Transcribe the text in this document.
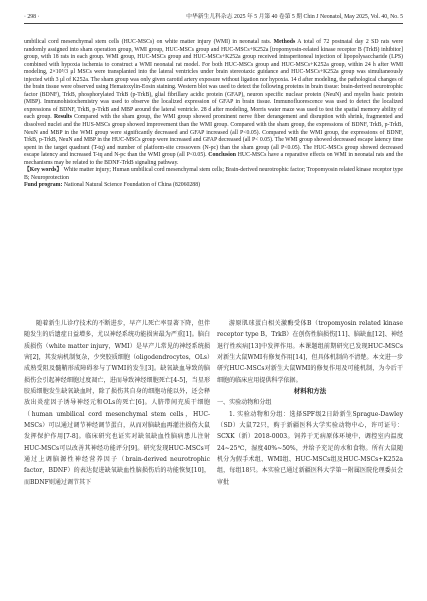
· 298 ·	中华新生儿科杂志 2025 年 5 月第 40 卷第 5 期 Chin J Neonatol, May 2025, Vol. 40, No. 5

umbilical cord mesenchymal stem cells (HUC-MSCs) on white matter injury (WMI) in neonatal rats. Methods A total of 72 postnatal day 2 SD rats were randomly assigned into sham operation group, WMI group, HUC-MSCs group and HUC-MSCs+K252a [tropomyosin-related kinase receptor B (TrkB) inhibitor] group, with 18 rats in each group. WMI group, HUC-MSCs group and HUC-MSCs+K252a group received intraperitoneal injection of lipopolysaccharide (LPS) combined with hypoxia ischemia to construct a WMI neonatal rat model. For both HUC-MSCs group and HUC-MSCs+K252a group, within 24 h after WMI modeling, 2×10⁵/3 μl MSCs were transplanted into the lateral ventricles under brain stereotaxic guidance and HUC-MSCs+K252a group was simultaneously injected with 3 μl of K252a. The sham group was only given carotid artery exposure without ligation nor hypoxia. 14 d after modeling, the pathological changes of the brain tissue were observed using Hematoxylin-Eosin staining. Western blot was used to detect the following proteins in brain tissue: brain-derived neurotrophic factor (BDNF), TrkB, phosphorylated TrkB (p-TrkB), glial fibrillary acidic protein (GFAP), neuron specific nuclear protein (NeuN) and myelin basic protein (MBP). Immunohistochemistry was used to observe the localized expression of GFAP in brain tissue. Immunofluorescence was used to detect the localized expressions of BDNF, TrkB, p-TrkB and MBP around the lateral ventricle. 28 d after modeling, Morris water maze was used to test the spatial memory ability of each group. Results Compared with the sham group, the WMI group showed prominent nerve fiber derangement and disruption with shrink, fragmented and dissolved nuclei and the HUS-MSCs group showed improvement than the WMI group. Compared with the sham group, the expressions of BDNF, TrkB, p-TrkB, NeuN and MBP in the WMI group were significantly decreased and GFAP increased (all P<0.05). Compared with the WMI group, the expressions of BDNF, TrkB, p-TrkB, NeuN and MBP in the HUC-MSCs group were increased and GFAP decreased (all P< 0.05). The WMI group showed decreased escape latency time spent in the target quadrant (T-tq) and number of platform-site crossovers (N-pc) than the sham group (all P<0.05). The HUC-MSCs group showed decreased escape latency and increased T-tq and N-pc than the WMI group (all P<0.05). Conclusion HUC-MSCs have a reparative effects on WMI in neonatal rats and the mechanisms may be related to the BDNF-TrkB signaling pathway.

【Key words】 White matter injury; Human umbilical cord mesenchymal stem cells; Brain-derived neurotrophic factor; Tropomyosin related kinase receptor type B; Neuroprotection

Fund program: National Natural Science Foundation of China (82060288)

随着新生儿诊疗技术的不断进步，早产儿死亡率显著下降，但伴随发生的后遗症日益增多，尤以神经系统功能损害最为严重[1]。脑白质损伤（white matter injury，WMI）是早产儿常见的神经系统损害[2]，其发病机制复杂，少突胶质细胞（oligodendrocytes，OLs）成熟受阻及髓鞘形成障碍参与了WMI的发生[3]。缺氧缺血导致的脑损伤会引起神经细胞过度凋亡，进而导致神经细胞死亡[4-5]，当星形胶质细胞发生缺氧缺血时，除了损伤其自身的细胞功能以外，还会释放出炎症因子诱导神经元和OLs的死亡[6]。人脐带间充质干细胞（human umbilical cord mesenchymal stem cells，HUC-MSCs）可以通过调节神经调节蛋白，从而对脑缺血再灌注损伤大鼠发挥保护作用[7-8]。临床研究也证实对缺氧缺血性脑病患儿注射HUC-MSCs可以改善其神经功能评分[9]。研究发现HUC-MSCs可通过上调脑源性神经营养因子（brain-derived neurotrophic factor，BDNF）的表达促进缺氧缺血性脑损伤后的功能恢复[10]，而BDNF则通过调节其下

游原肌球蛋白相关激酶受体B（tropomyosin related kinase receptor type B，TrkB）在创伤性脑损伤[11]、脑缺血[12]、神经退行性疾病[13]中发挥作用。本课题组前期研究已发现HUC-MSCs对新生大鼠WMI有修复作用[14]，但具体机制尚不清楚。本文进一步研究HUC-MSCs对新生大鼠WMI的修复作用及可能机制，为今后干细胞的临床应用提供科学依据。

材料和方法

一、实验动物和分组

1. 实验动物和分组：选择SPF级2日龄新生Sprague-Dawley（SD）大鼠72只，购于新疆医科大学实验动物中心，许可证号：SCXK（新）2018-0003。饲养于无病原体环境中，调控室内温度24~25℃，湿度40%~50%，并给予充足的水和食物。所有大鼠随机分为假手术组、WMI组、HUC-MSCs组及HUC-MSCs+K252a组，每组18只。本实验已通过新疆医科大学第一附属医院伦理委员会审批
